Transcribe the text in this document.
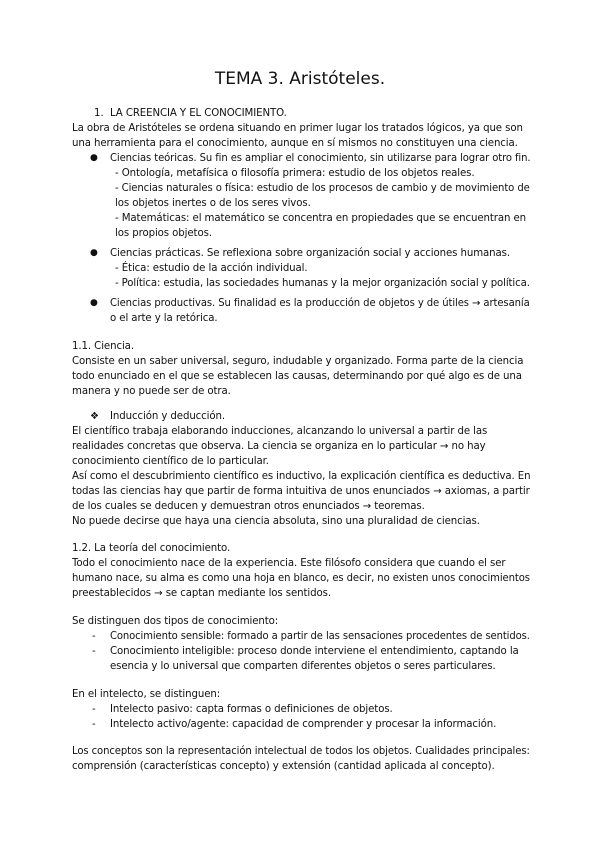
TEMA 3. Aristóteles.
1. LA CREENCIA Y EL CONOCIMIENTO.
La obra de Aristóteles se ordena situando en primer lugar los tratados lógicos, ya que son
una herramienta para el conocimiento, aunque en sí mismos no constituyen una ciencia.
● Ciencias teóricas. Su fin es ampliar el conocimiento, sin utilizarse para lograr otro fin.
- Ontología, metafísica o filosofía primera: estudio de los objetos reales.
- Ciencias naturales o física: estudio de los procesos de cambio y de movimiento de
los objetos inertes o de los seres vivos.
- Matemáticas: el matemático se concentra en propiedades que se encuentran en
los propios objetos.
● Ciencias prácticas. Se reflexiona sobre organización social y acciones humanas.
- Ética: estudio de la acción individual.
- Política: estudia, las sociedades humanas y la mejor organización social y política.
● Ciencias productivas. Su finalidad es la producción de objetos y de útiles → artesanía
o el arte y la retórica.
1.1. Ciencia.
Consiste en un saber universal, seguro, indudable y organizado. Forma parte de la ciencia
todo enunciado en el que se establecen las causas, determinando por qué algo es de una
manera y no puede ser de otra.
❖ Inducción y deducción.
El científico trabaja elaborando inducciones, alcanzando lo universal a partir de las
realidades concretas que observa. La ciencia se organiza en lo particular → no hay
conocimiento científico de lo particular.
Así como el descubrimiento científico es inductivo, la explicación científica es deductiva. En
todas las ciencias hay que partir de forma intuitiva de unos enunciados → axiomas, a partir
de los cuales se deducen y demuestran otros enunciados → teoremas.
No puede decirse que haya una ciencia absoluta, sino una pluralidad de ciencias.
1.2. La teoría del conocimiento.
Todo el conocimiento nace de la experiencia. Este filósofo considera que cuando el ser
humano nace, su alma es como una hoja en blanco, es decir, no existen unos conocimientos
preestablecidos → se captan mediante los sentidos.
Se distinguen dos tipos de conocimiento:
- Conocimiento sensible: formado a partir de las sensaciones procedentes de sentidos.
- Conocimiento inteligible: proceso donde interviene el entendimiento, captando la
esencia y lo universal que comparten diferentes objetos o seres particulares.
En el intelecto, se distinguen:
- Intelecto pasivo: capta formas o definiciones de objetos.
- Intelecto activo/agente: capacidad de comprender y procesar la información.
Los conceptos son la representación intelectual de todos los objetos. Cualidades principales:
comprensión (características concepto) y extensión (cantidad aplicada al concepto).
